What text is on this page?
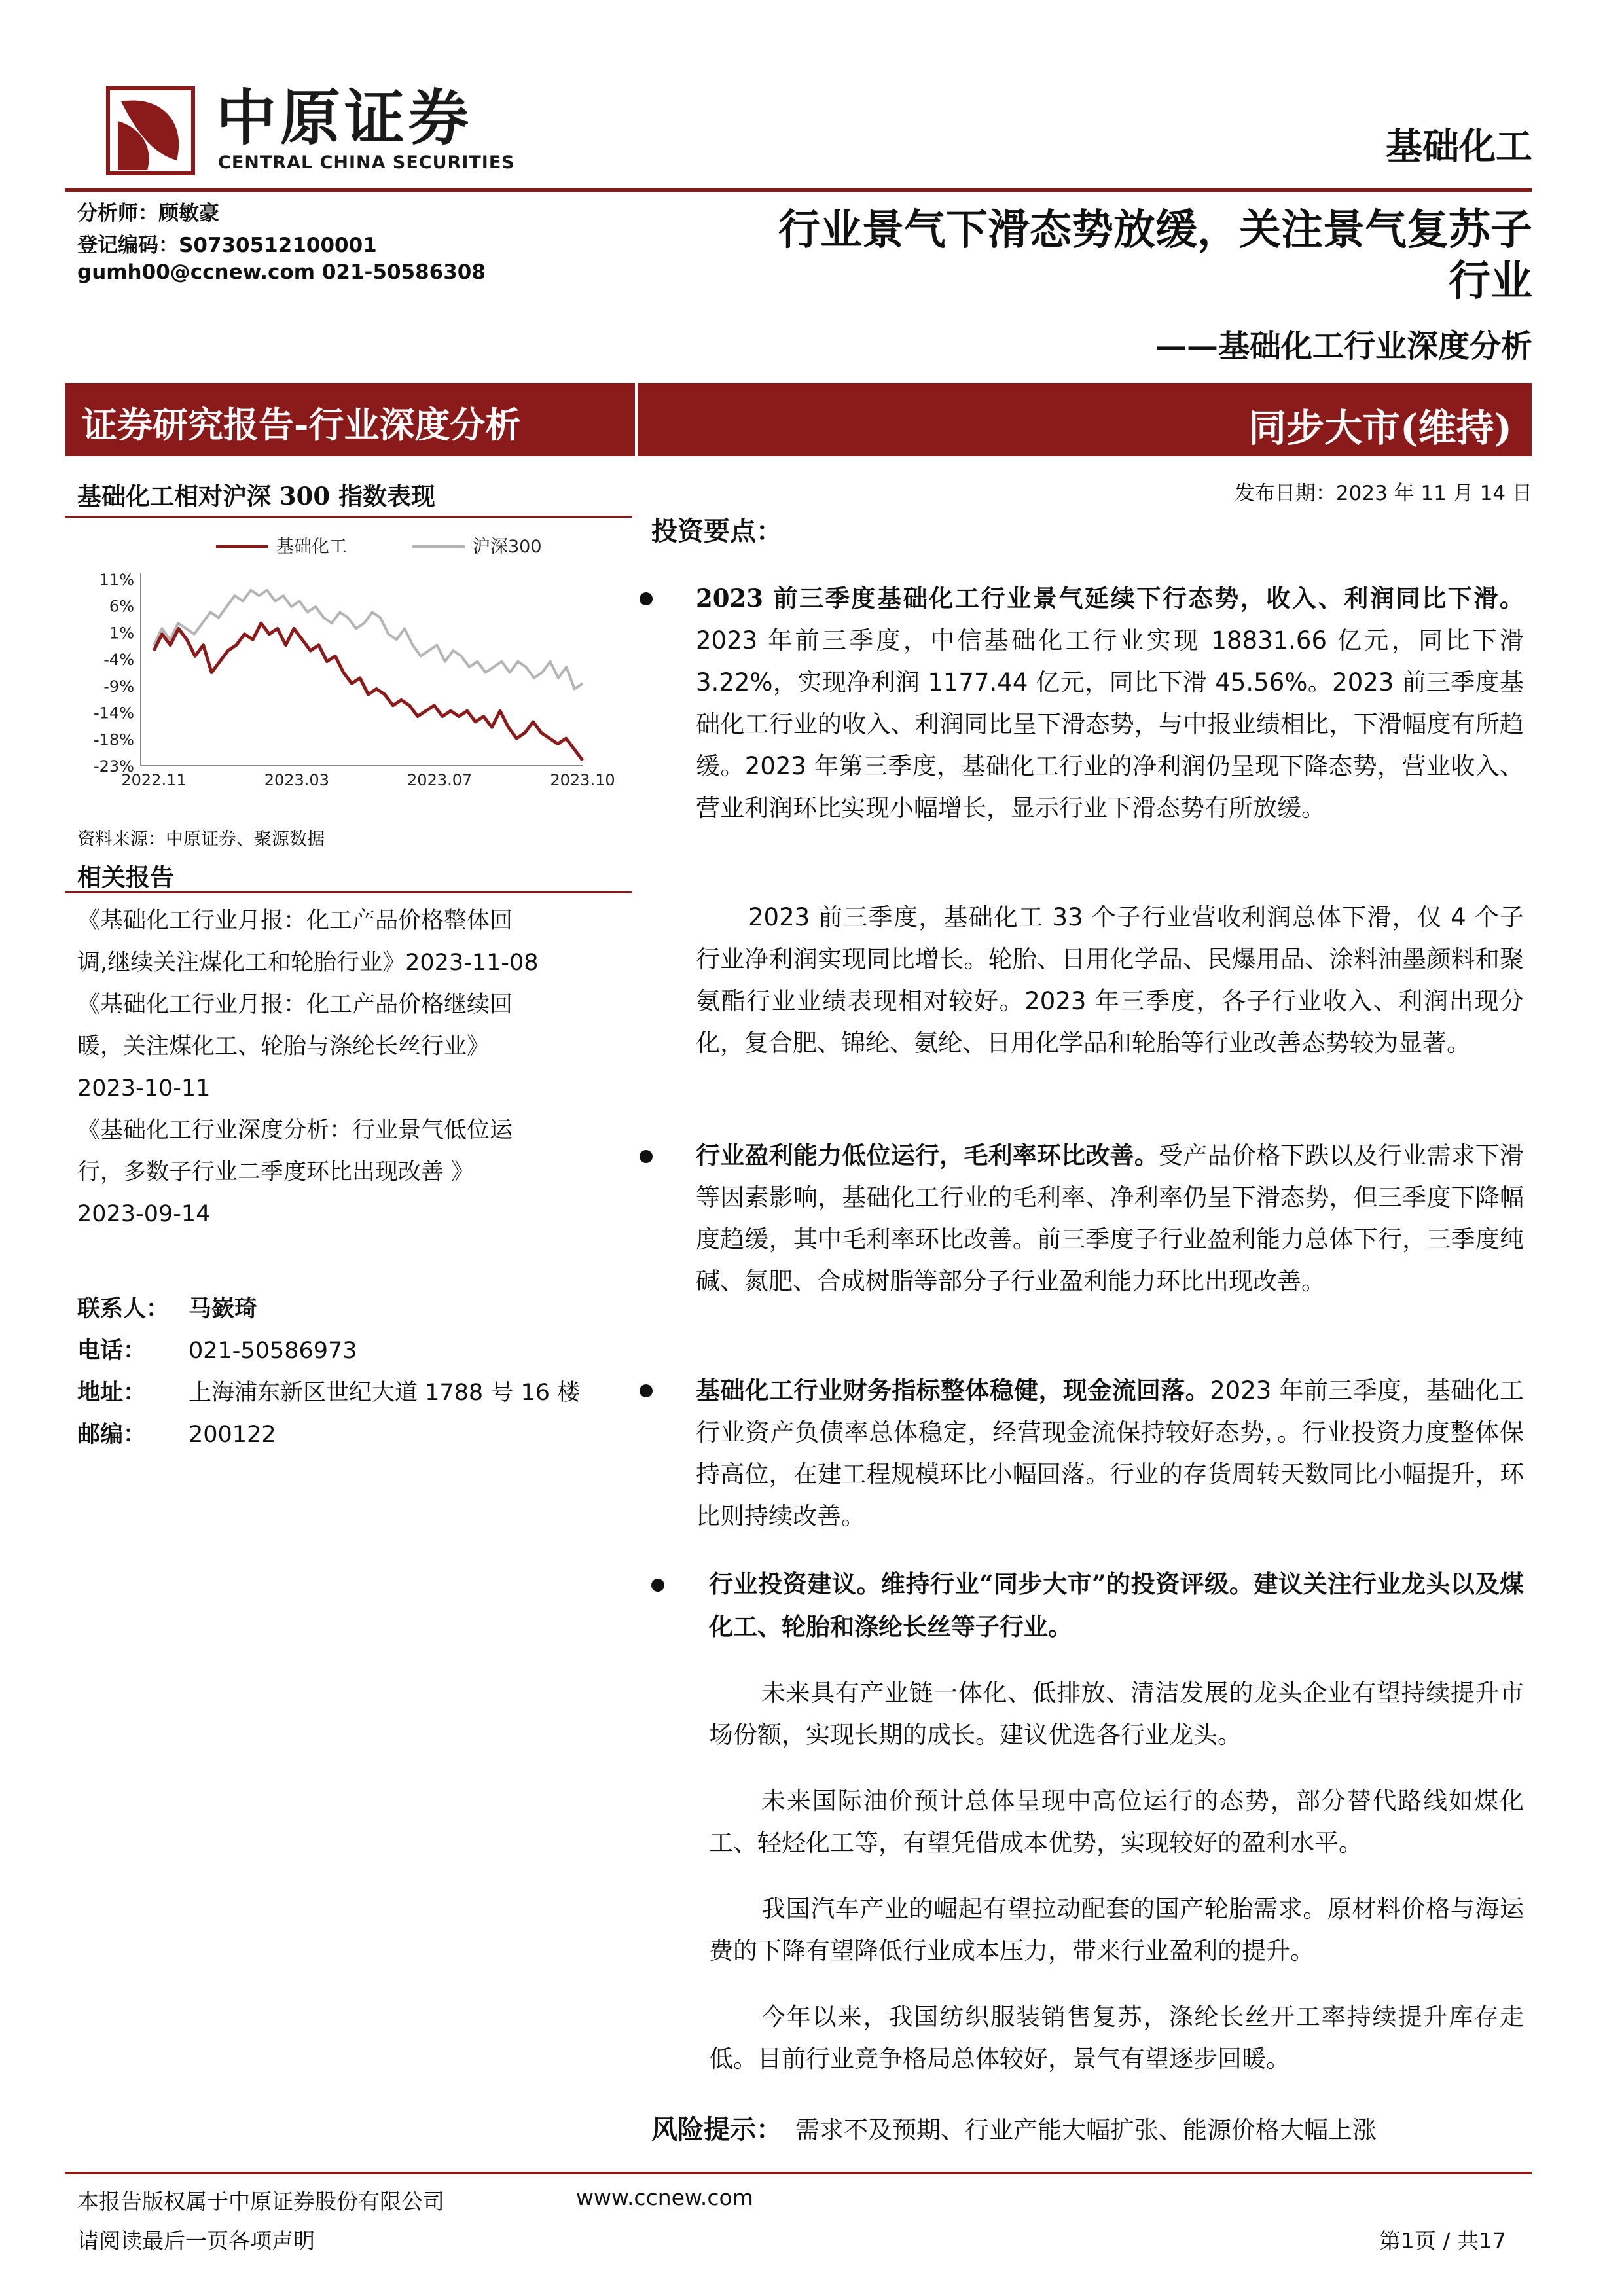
中原证券
CENTRAL CHINA SECURITIES	基础化工
分析师：顾敏豪
登记编码：S0730512100001
gumh00@ccnew.com 021-50586308
行业景气下滑态势放缓，关注景气复苏子
行业
——基础化工行业深度分析
证券研究报告-行业深度分析	同步大市(维持)
基础化工相对沪深 300 指数表现
11%
6%
1%
-4%
-9%
-14%
-18%
-23%
2022.11	2023.03	2023.07	2023.10
基础化工	沪深300
资料来源：中原证券、聚源数据
相关报告
《基础化工行业月报：化工产品价格整体回
调,继续关注煤化工和轮胎行业》2023-11-08
《基础化工行业月报：化工产品价格继续回
暖，关注煤化工、轮胎与涤纶长丝行业》
2023-10-11
《基础化工行业深度分析：行业景气低位运
行，多数子行业二季度环比出现改善 》
2023-09-14
联系人： 马嶔琦
电话： 021-50586973
地址： 上海浦东新区世纪大道 1788 号 16 楼
邮编： 200122
发布日期：2023 年 11 月 14 日
投资要点：
2023 前三季度基础化工行业景气延续下行态势，收入、利润同比下滑。2023 年前三季度，中信基础化工行业实现 18831.66 亿元，同比下滑 3.22%，实现净利润 1177.44 亿元，同比下滑 45.56%。2023 前三季度基础化工行业的收入、利润同比呈下滑态势，与中报业绩相比，下滑幅度有所趋缓。2023 年第三季度，基础化工行业的净利润仍呈现下降态势，营业收入、营业利润环比实现小幅增长，显示行业下滑态势有所放缓。
2023 前三季度，基础化工 33 个子行业营收利润总体下滑，仅 4 个子行业净利润实现同比增长。轮胎、日用化学品、民爆用品、涂料油墨颜料和聚氨酯行业业绩表现相对较好。2023 年三季度，各子行业收入、利润出现分化，复合肥、锦纶、氨纶、日用化学品和轮胎等行业改善态势较为显著。
行业盈利能力低位运行，毛利率环比改善。受产品价格下跌以及行业需求下滑等因素影响，基础化工行业的毛利率、净利率仍呈下滑态势，但三季度下降幅度趋缓，其中毛利率环比改善。前三季度子行业盈利能力总体下行，三季度纯碱、氮肥、合成树脂等部分子行业盈利能力环比出现改善。
基础化工行业财务指标整体稳健，现金流回落。2023 年前三季度，基础化工行业资产负债率总体稳定，经营现金流保持较好态势，。行业投资力度整体保持高位，在建工程规模环比小幅回落。行业的存货周转天数同比小幅提升，环比则持续改善。
行业投资建议。维持行业“同步大市”的投资评级。建议关注行业龙头以及煤化工、轮胎和涤纶长丝等子行业。
未来具有产业链一体化、低排放、清洁发展的龙头企业有望持续提升市场份额，实现长期的成长。建议优选各行业龙头。
未来国际油价预计总体呈现中高位运行的态势，部分替代路线如煤化工、轻烃化工等，有望凭借成本优势，实现较好的盈利水平。
我国汽车产业的崛起有望拉动配套的国产轮胎需求。原材料价格与海运费的下降有望降低行业成本压力，带来行业盈利的提升。
今年以来，我国纺织服装销售复苏，涤纶长丝开工率持续提升库存走低。目前行业竞争格局总体较好，景气有望逐步回暖。
风险提示： 需求不及预期、行业产能大幅扩张、能源价格大幅上涨
本报告版权属于中原证券股份有限公司	www.ccnew.com
请阅读最后一页各项声明	第1页 / 共17
